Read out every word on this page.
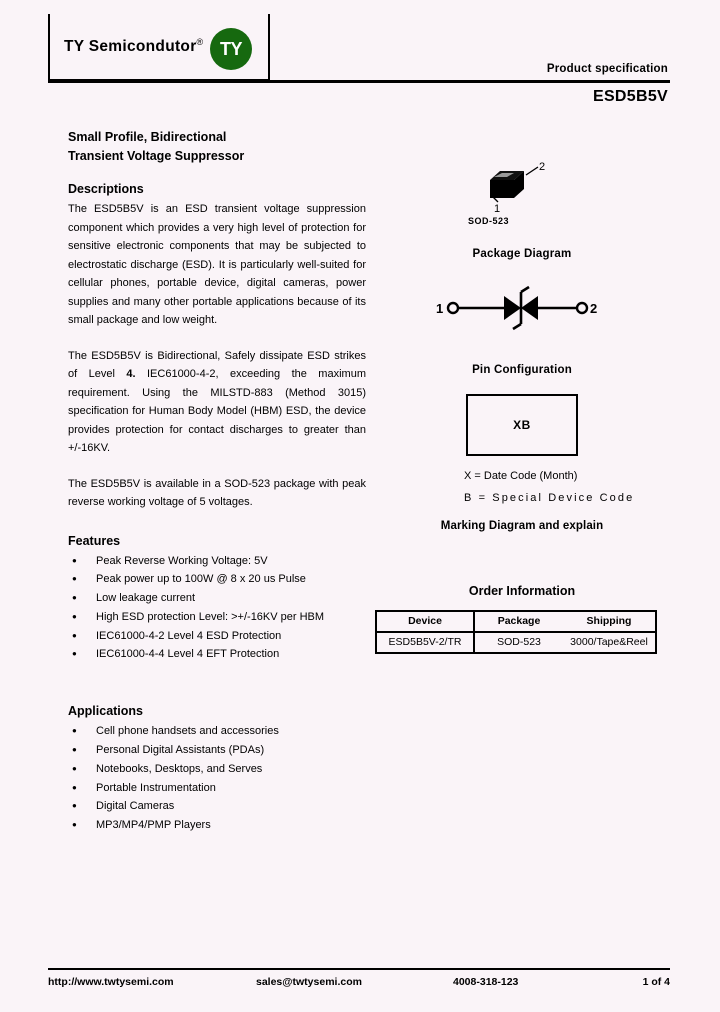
TY Semicondutor® TY
Product specification
ESD5B5V
Small Profile, Bidirectional
Transient Voltage Suppressor
Descriptions

The ESD5B5V is an ESD transient voltage suppression component which provides a very high level of protection for sensitive electronic components that may be subjected to electrostatic discharge (ESD). It is particularly well-suited for cellular phones, portable device, digital cameras, power supplies and many other portable applications because of its small package and low weight.

The ESD5B5V is Bidirectional, Safely dissipate ESD strikes of Level 4. IEC61000-4-2, exceeding the maximum requirement. Using the MILSTD-883 (Method 3015) specification for Human Body Model (HBM) ESD, the device provides protection for contact discharges to greater than +/-16KV.

The ESD5B5V is available in a SOD-523 package with peak reverse working voltage of 5 voltages.

Features
● Peak Reverse Working Voltage: 5V
● Peak power up to 100W @ 8 x 20 us Pulse
● Low leakage current
● High ESD protection Level: >+/-16KV per HBM
● IEC61000-4-2 Level 4 ESD Protection
● IEC61000-4-4 Level 4 EFT Protection
Applications
● Cell phone handsets and accessories
● Personal Digital Assistants (PDAs)
● Notebooks, Desktops, and Serves
● Portable Instrumentation
● Digital Cameras
● MP3/MP4/PMP Players
1
2
SOD-523
Package Diagram
1	2
Pin Configuration
XB
X = Date Code (Month)
B = Special Device Code
Marking Diagram and explain
Order Information
Device	Package	Shipping
ESD5B5V-2/TR	SOD-523	3000/Tape&Reel
http://www.twtysemi.com	sales@twtysemi.com	4008-318-123	1 of 4
